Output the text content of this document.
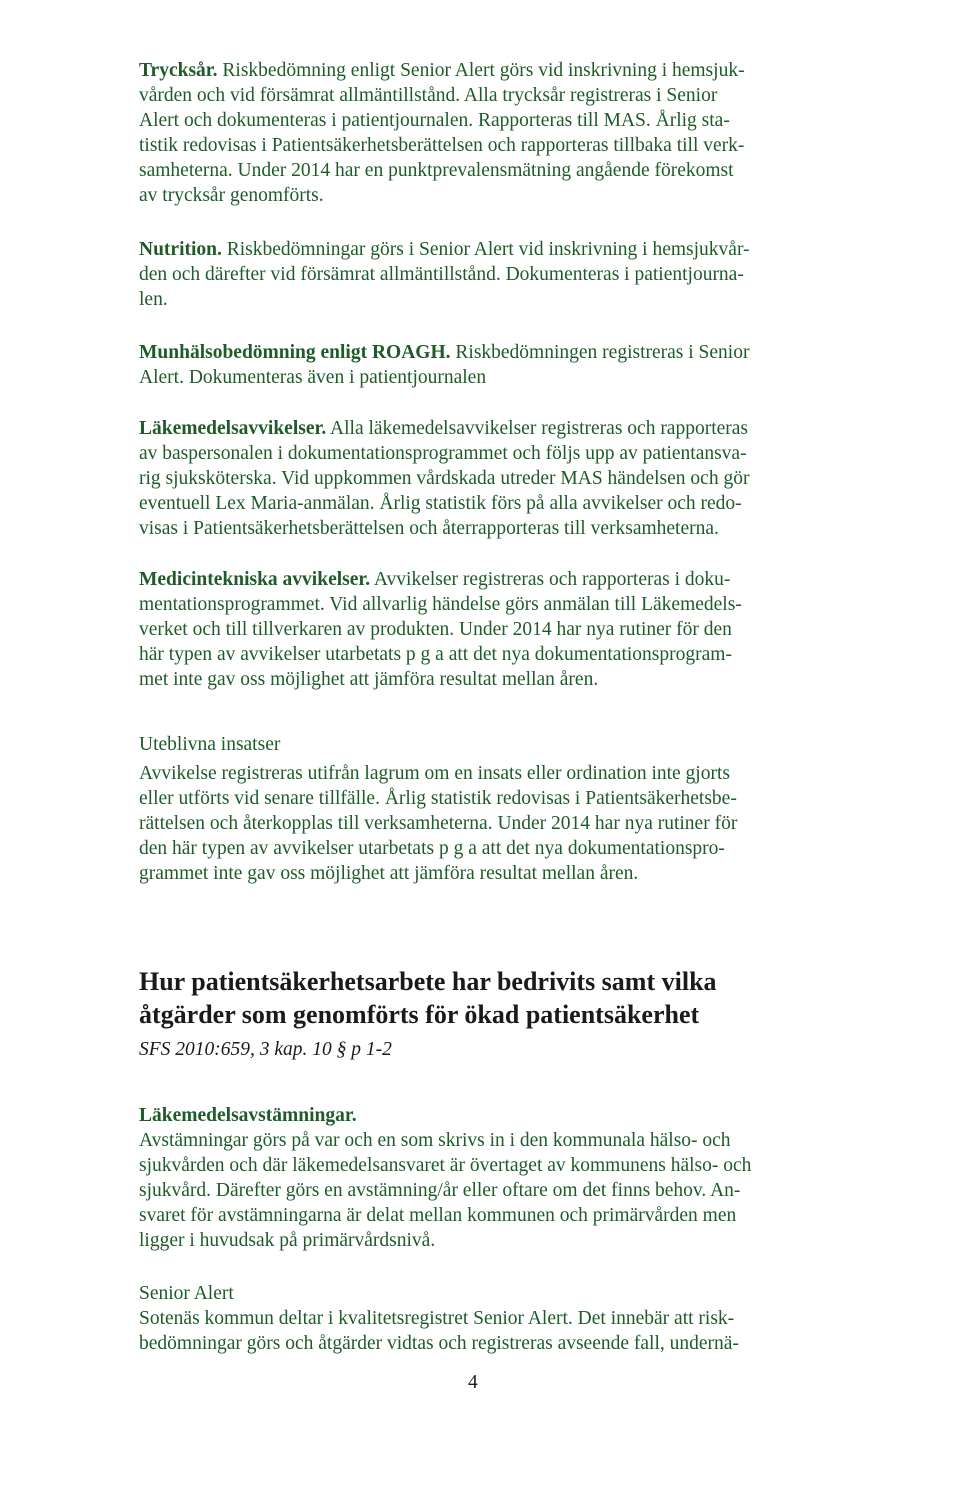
Trycksår. Riskbedömning enligt Senior Alert görs vid inskrivning i hemsjuk-
vården och vid försämrat allmäntillstånd. Alla trycksår registreras i Senior
Alert och dokumenteras i patientjournalen. Rapporteras till MAS. Årlig sta-
tistik redovisas i Patientsäkerhetsberättelsen och rapporteras tillbaka till verk-
samheterna. Under 2014 har en punktprevalensmätning angående förekomst
av trycksår genomförts.

Nutrition. Riskbedömningar görs i Senior Alert vid inskrivning i hemsjukvår-
den och därefter vid försämrat allmäntillstånd. Dokumenteras i patientjourna-
len.

Munhälsobedömning enligt ROAGH. Riskbedömningen registreras i Senior
Alert. Dokumenteras även i patientjournalen

Läkemedelsavvikelser. Alla läkemedelsavvikelser registreras och rapporteras
av baspersonalen i dokumentationsprogrammet och följs upp av patientansva-
rig sjuksköterska. Vid uppkommen vårdskada utreder MAS händelsen och gör
eventuell Lex Maria-anmälan. Årlig statistik förs på alla avvikelser och redo-
visas i Patientsäkerhetsberättelsen och återrapporteras till verksamheterna.

Medicintekniska avvikelser. Avvikelser registreras och rapporteras i doku-
mentationsprogrammet. Vid allvarlig händelse görs anmälan till Läkemedels-
verket och till tillverkaren av produkten. Under 2014 har nya rutiner för den
här typen av avvikelser utarbetats p g a att det nya dokumentationsprogram-
met inte gav oss möjlighet att jämföra resultat mellan åren.

Uteblivna insatser

Avvikelse registreras utifrån lagrum om en insats eller ordination inte gjorts
eller utförts vid senare tillfälle. Årlig statistik redovisas i Patientsäkerhetsbe-
rättelsen och återkopplas till verksamheterna. Under 2014 har nya rutiner för
den här typen av avvikelser utarbetats p g a att det nya dokumentationspro-
grammet inte gav oss möjlighet att jämföra resultat mellan åren.

Hur patientsäkerhetsarbete har bedrivits samt vilka
åtgärder som genomförts för ökad patientsäkerhet

SFS 2010:659, 3 kap. 10 § p 1-2

Läkemedelsavstämningar.

Avstämningar görs på var och en som skrivs in i den kommunala hälso- och
sjukvården och där läkemedelsansvaret är övertaget av kommunens hälso- och
sjukvård. Därefter görs en avstämning/år eller oftare om det finns behov. An-
svaret för avstämningarna är delat mellan kommunen och primärvården men
ligger i huvudsak på primärvårdsnivå.

Senior Alert

Sotenäs kommun deltar i kvalitetsregistret Senior Alert. Det innebär att risk-
bedömningar görs och åtgärder vidtas och registreras avseende fall, undernä-

4
